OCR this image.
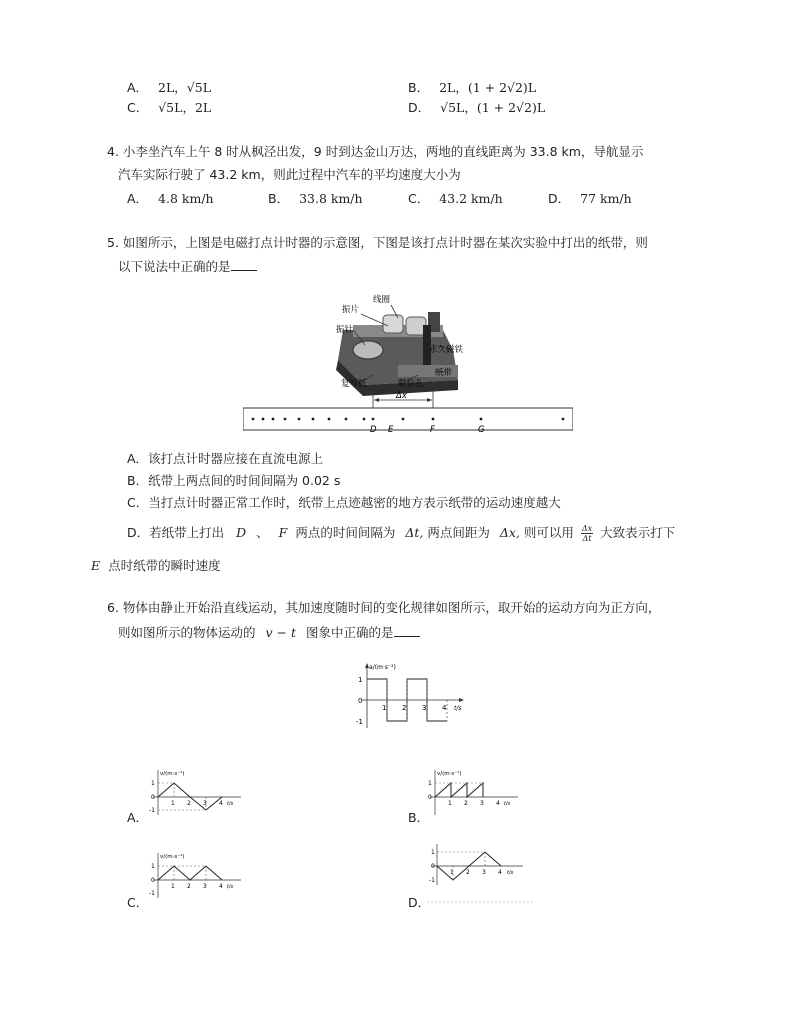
A． 2L，√5L	B． 2L，(1 + 2√2)L
C． √5L，2L	D． √5L，(1 + 2√2)L
4. 小李坐汽车上午 8 时从枫泾出发，9 时到达金山万达，两地的直线距离为 33.8 km，导航显示
汽车实际行驶了 43.2 km，则此过程中汽车的平均速度大小为
A． 4.8 km/h	B． 33.8 km/h	C． 43.2 km/h	D． 77 km/h
5. 如图所示，上图是电磁打点计时器的示意图，下图是该打点计时器在某次实验中打出的纸带，则
以下说法中正确的是
线圈
振片
振针
永久磁铁
纸带
复写纸	限位孔
Δx
D E	F	G
A．该打点计时器应接在直流电源上
B．纸带上两点间的时间间隔为 0.02 s
C．当打点计时器正常工作时，纸带上点迹越密的地方表示纸带的运动速度越大
D．若纸带上打出 D 、 F 两点的时间间隔为 Δt, 两点间距为 Δx, 则可以用 $\frac{\Delta x}{\Delta t}$ 大致表示打下
E 点时纸带的瞬时速度
6. 物体由静止开始沿直线运动，其加速度随时间的变化规律如图所示，取开始的运动方向为正方向，
则如图所示的物体运动的 v − t 图象中正确的是
a/(m·s⁻²)
t/s
1
0
-1
1 2 3 4
A．
v/(m·s⁻¹)
1
0
-1
1 2 3 4 t/s
B．
v/(m·s⁻¹)
1
0
1 2 3 4 t/s
C．
v/(m·s⁻¹)
1
0
-1
1 2 3 4 t/s
D．
1
0
-1
1 2 3 4 t/s
